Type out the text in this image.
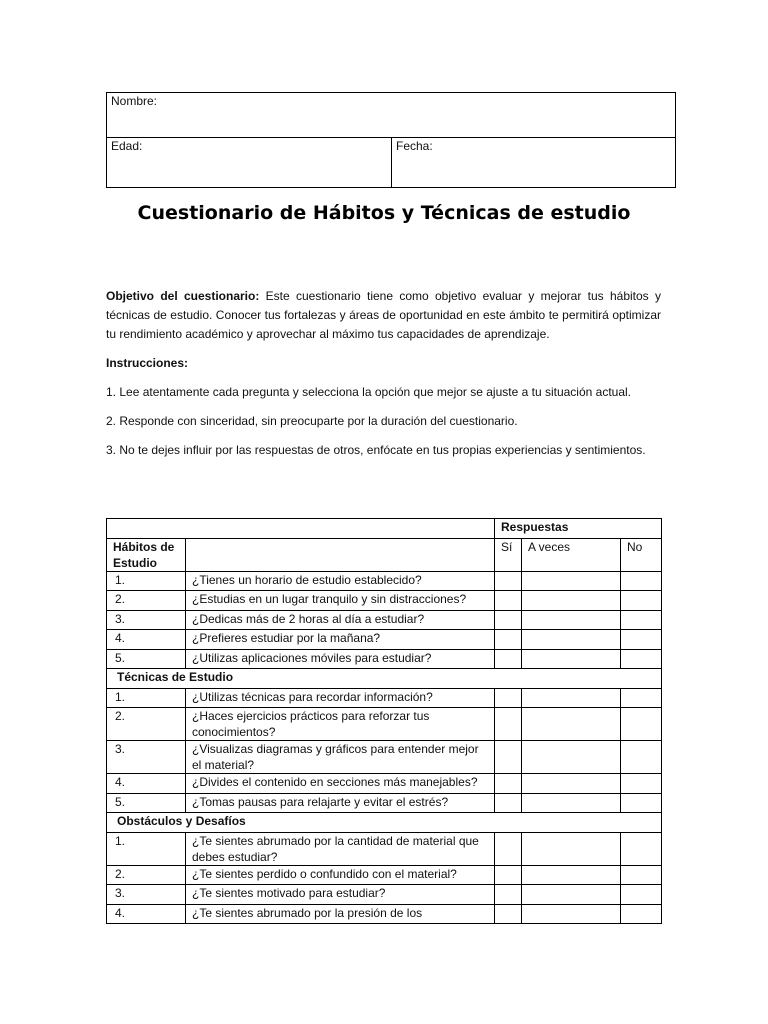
Nombre:
Edad:	Fecha:
Cuestionario de Hábitos y Técnicas de estudio
Objetivo del cuestionario: Este cuestionario tiene como objetivo evaluar y mejorar tus hábitos y técnicas de estudio. Conocer tus fortalezas y áreas de oportunidad en este ámbito te permitirá optimizar tu rendimiento académico y aprovechar al máximo tus capacidades de aprendizaje.
Instrucciones:
1. Lee atentamente cada pregunta y selecciona la opción que mejor se ajuste a tu situación actual.
2. Responde con sinceridad, sin preocuparte por la duración del cuestionario.
3. No te dejes influir por las respuestas de otros, enfócate en tus propias experiencias y sentimientos.
		Respuestas		
Hábitos de Estudio		Sí	A veces	No
1.	¿Tienes un horario de estudio establecido?			
2.	¿Estudias en un lugar tranquilo y sin distracciones?			
3.	¿Dedicas más de 2 horas al día a estudiar?			
4.	¿Prefieres estudiar por la mañana?			
5.	¿Utilizas aplicaciones móviles para estudiar?			
Técnicas de Estudio				
1.	¿Utilizas técnicas para recordar información?			
2.	¿Haces ejercicios prácticos para reforzar tus conocimientos?			
3.	¿Visualizas diagramas y gráficos para entender mejor el material?			
4.	¿Divides el contenido en secciones más manejables?			
5.	¿Tomas pausas para relajarte y evitar el estrés?			
Obstáculos y Desafíos				
1.	¿Te sientes abrumado por la cantidad de material que debes estudiar?			
2.	¿Te sientes perdido o confundido con el material?			
3.	¿Te sientes motivado para estudiar?			
4.	¿Te sientes abrumado por la presión de los			
